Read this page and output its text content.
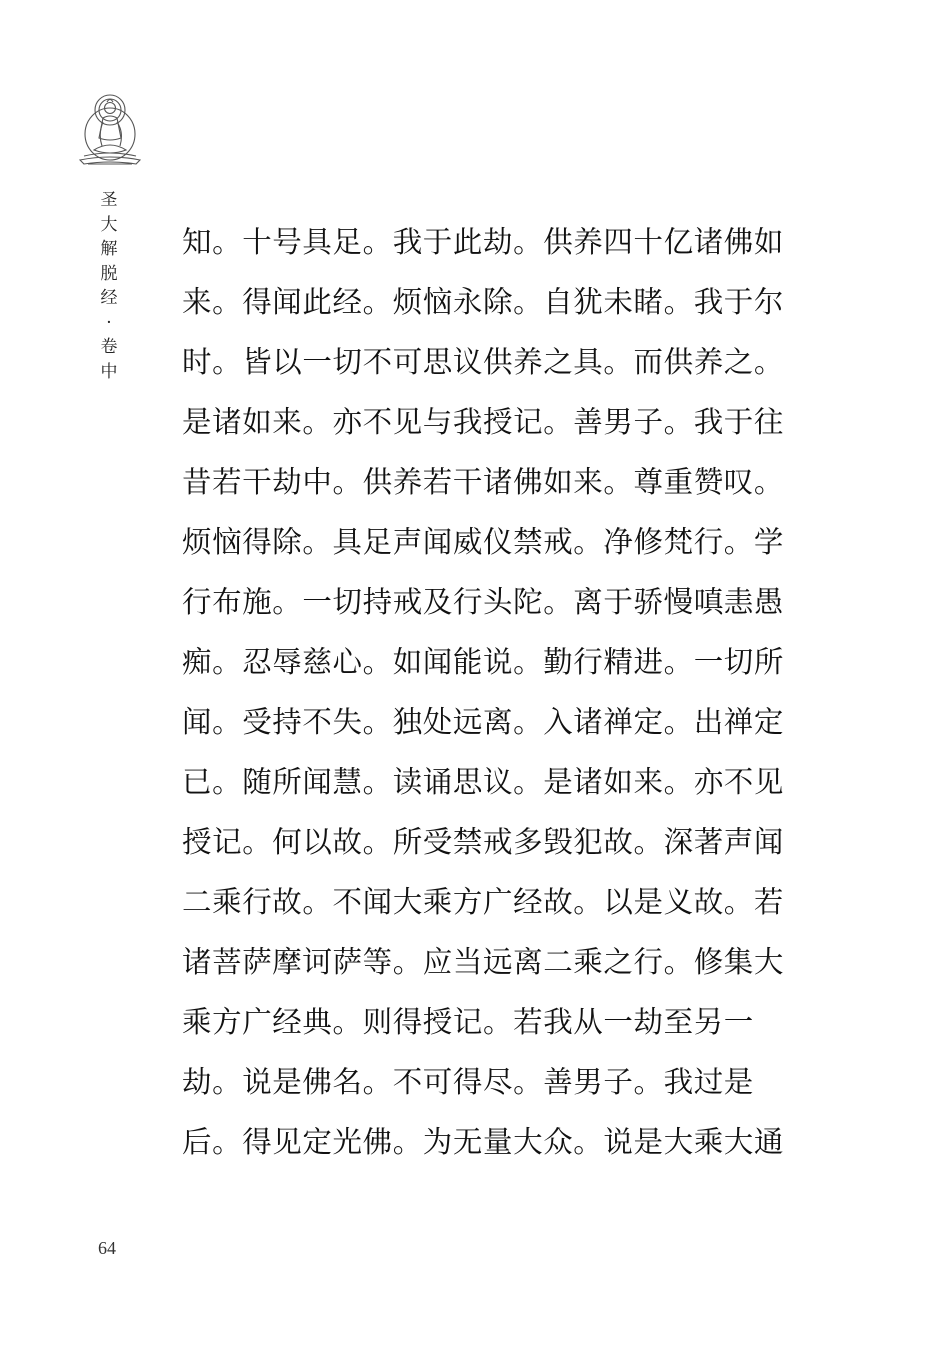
圣
大
解
脱
经
·
卷
中
知。十号具足。我于此劫。供养四十亿诸佛如
来。得闻此经。烦恼永除。自犹未睹。我于尔
时。皆以一切不可思议供养之具。而供养之。
是诸如来。亦不见与我授记。善男子。我于往
昔若干劫中。供养若干诸佛如来。尊重赞叹。
烦恼得除。具足声闻威仪禁戒。净修梵行。学
行布施。一切持戒及行头陀。离于骄慢嗔恚愚
痴。忍辱慈心。如闻能说。勤行精进。一切所
闻。受持不失。独处远离。入诸禅定。出禅定
已。随所闻慧。读诵思议。是诸如来。亦不见
授记。何以故。所受禁戒多毁犯故。深著声闻
二乘行故。不闻大乘方广经故。以是义故。若
诸菩萨摩诃萨等。应当远离二乘之行。修集大
乘方广经典。则得授记。若我从一劫至另一
劫。说是佛名。不可得尽。善男子。我过是
后。得见定光佛。为无量大众。说是大乘大通
64
